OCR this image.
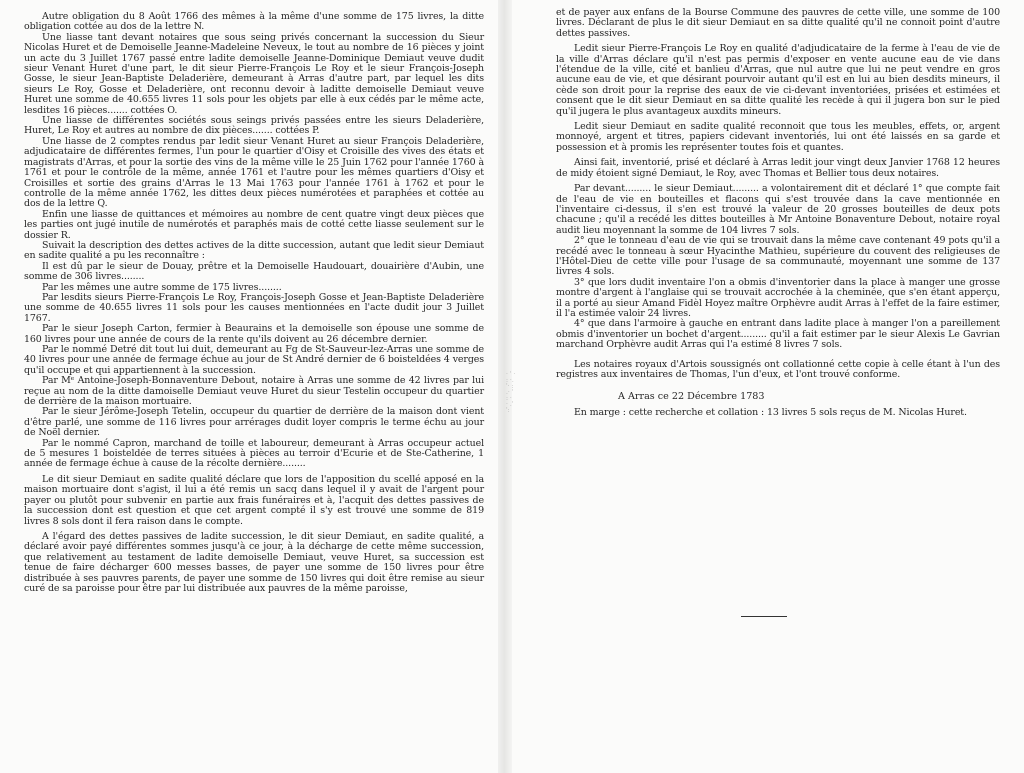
Autre obligation du 8 Août 1766 des mêmes à la même d'une somme de 175 livres, la ditte obligation cottée au dos de la lettre N.

Une liasse tant devant notaires que sous seing privés concernant la succession du Sieur Nicolas Huret et de Demoiselle Jeanne-Madeleine Neveux, le tout au nombre de 16 pièces y joint un acte du 3 Juillet 1767 passé entre ladite demoiselle Jeanne-Dominique Demiaut veuve dudit sieur Venant Huret d'une part, le dit sieur Pierre-François Le Roy et le sieur François-Joseph Gosse, le sieur Jean-Baptiste Deladerière, demeurant à Arras d'autre part, par lequel les dits sieurs Le Roy, Gosse et Deladerière, ont reconnu devoir à laditte demoiselle Demiaut veuve Huret une somme de 40.655 livres 11 sols pour les objets par elle à eux cédés par le même acte, lesdites 16 pièces....... cottées O.

Une liasse de différentes sociétés sous seings privés passées entre les sieurs Deladerière, Huret, Le Roy et autres au nombre de dix pièces....... cottées P.

Une liasse de 2 comptes rendus par ledit sieur Venant Huret au sieur François Deladerière, adjudicataire de différentes fermes, l'un pour le quartier d'Oisy et Croisille des vives des états et magistrats d'Arras, et pour la sortie des vins de la même ville le 25 Juin 1762 pour l'année 1760 à 1761 et pour le contrôle de la même, année 1761 et l'autre pour les mêmes quartiers d'Oisy et Croisilles et sortie des grains d'Arras le 13 Mai 1763 pour l'année 1761 à 1762 et pour le controlle de la même année 1762, les dittes deux pièces numérotées et paraphées et cottée au dos de la lettre Q.

Enfin une liasse de quittances et mémoires au nombre de cent quatre vingt deux pièces que les parties ont jugé inutile de numérotés et paraphés mais de cotté cette liasse seulement sur le dossier R.

Suivait la description des dettes actives de la ditte succession, autant que ledit sieur Demiaut en sadite qualité a pu les reconnaître :

Il est dû par le sieur de Douay, prêtre et la Demoiselle Haudouart, douairière d'Aubin, une somme de 306 livres........

Par les mêmes une autre somme de 175 livres........

Par lesdits sieurs Pierre-François Le Roy, François-Joseph Gosse et Jean-Baptiste Deladerière une somme de 40.655 livres 11 sols pour les causes mentionnées en l'acte dudit jour 3 Juillet 1767.

Par le sieur Joseph Carton, fermier à Beaurains et la demoiselle son épouse une somme de 160 livres pour une année de cours de la rente qu'ils doivent au 26 décembre dernier.

Par le nommé Detré dit tout lui duit, demeurant au Fg de St-Sauveur-lez-Arras une somme de 40 livres pour une année de fermage échue au jour de St André dernier de 6 boisteldées 4 verges qu'il occupe et qui appartiennent à la succession.

Par Mᵉ Antoine-Joseph-Bonnaventure Debout, notaire à Arras une somme de 42 livres par lui reçue au nom de la ditte damoiselle Demiaut veuve Huret du sieur Testelin occupeur du quartier de derrière de la maison mortuaire.

Par le sieur Jérôme-Joseph Tetelin, occupeur du quartier de derrière de la maison dont vient d'être parlé, une somme de 116 livres pour arrérages dudit loyer compris le terme échu au jour de Noël dernier.

Par le nommé Capron, marchand de toille et laboureur, demeurant à Arras occupeur actuel de 5 mesures 1 boisteldée de terres situées à pièces au terroir d'Ecurie et de Ste-Catherine, 1 année de fermage échue à cause de la récolte dernière........

Le dit sieur Demiaut en sadite qualité déclare que lors de l'apposition du scellé apposé en la maison mortuaire dont s'agist, il lui a été remis un sacq dans lequel il y avait de l'argent pour payer ou plutôt pour subvenir en partie aux frais funéraires et à, l'acquit des dettes passives de la succession dont est question et que cet argent compté il s'y est trouvé une somme de 819 livres 8 sols dont il fera raison dans le compte.

A l'égard des dettes passives de ladite succession, le dit sieur Demiaut, en sadite qualité, a déclaré avoir payé différentes sommes jusqu'à ce jour, à la décharge de cette même succession, que relativement au testament de ladite demoiselle Demiaut, veuve Huret, sa succession est tenue de faire décharger 600 messes basses, de payer une somme de 150 livres pour être distribuée à ses pauvres parents, de payer une somme de 150 livres qui doit être remise au sieur curé de sa paroisse pour être par lui distribuée aux pauvres de la même paroisse,

· ' ·
: ·.
'· :
.· '
: ·
· .'
':

et de payer aux enfans de la Bourse Commune des pauvres de cette ville, une somme de 100 livres. Déclarant de plus le dit sieur Demiaut en sa ditte qualité qu'il ne connoit point d'autre dettes passives.

Ledit sieur Pierre-François Le Roy en qualité d'adjudicataire de la ferme à l'eau de vie de la ville d'Arras déclare qu'il n'est pas permis d'exposer en vente aucune eau de vie dans l'étendue de la ville, cité et banlieu d'Arras, que nul autre que lui ne peut vendre en gros aucune eau de vie, et que désirant pourvoir autant qu'il est en lui au bien desdits mineurs, il cède son droit pour la reprise des eaux de vie ci-devant inventoriées, prisées et estimées et consent que le dit sieur Demiaut en sa ditte qualité les recède à qui il jugera bon sur le pied qu'il jugera le plus avantageux auxdits mineurs.

Ledit sieur Demiaut en sadite qualité reconnoit que tous les meubles, effets, or, argent monnoyé, argent et titres, papiers cidevant inventoriés, lui ont été laissés en sa garde et possession et à promis les représenter toutes fois et quantes.

Ainsi fait, inventorié, prisé et déclaré à Arras ledit jour vingt deux Janvier 1768 12 heures de midy étoient signé Demiaut, le Roy, avec Thomas et Bellier tous deux notaires.

Par devant......... le sieur Demiaut......... a volontairement dit et déclaré 1° que compte fait de l'eau de vie en bouteilles et flacons qui s'est trouvée dans la cave mentionnée en l'inventaire ci-dessus, il s'en est trouvé la valeur de 20 grosses bouteilles de deux pots chacune ; qu'il a recédé les dittes bouteilles à Mr Antoine Bonaventure Debout, notaire royal audit lieu moyennant la somme de 104 livres 7 sols.

2° que le tonneau d'eau de vie qui se trouvait dans la même cave contenant 49 pots qu'il a recédé avec le tonneau à sœur Hyacinthe Mathieu, supérieure du couvent des religieuses de l'Hôtel-Dieu de cette ville pour l'usage de sa communauté, moyennant une somme de 137 livres 4 sols.

3° que lors dudit inventaire l'on a obmis d'inventorier dans la place à manger une grosse montre d'argent à l'anglaise qui se trouvait accrochée à la cheminée, que s'en étant apperçu, il a porté au sieur Amand Fidèl Hoyez maître Orphèvre audit Arras à l'effet de la faire estimer, il l'a estimée valoir 24 livres.

4° que dans l'armoire à gauche en entrant dans ladite place à manger l'on a pareillement obmis d'inventorier un bochet d'argent......... qu'il a fait estimer par le sieur Alexis Le Gavrian marchand Orphèvre audit Arras qui l'a estimé 8 livres 7 sols.

Les notaires royaux d'Artois soussignés ont collationné cette copie à celle étant à l'un des registres aux inventaires de Thomas, l'un d'eux, et l'ont trouvé conforme.

A Arras ce 22 Décembre 1783

En marge : cette recherche et collation : 13 livres 5 sols reçus de M. Nicolas Huret.
